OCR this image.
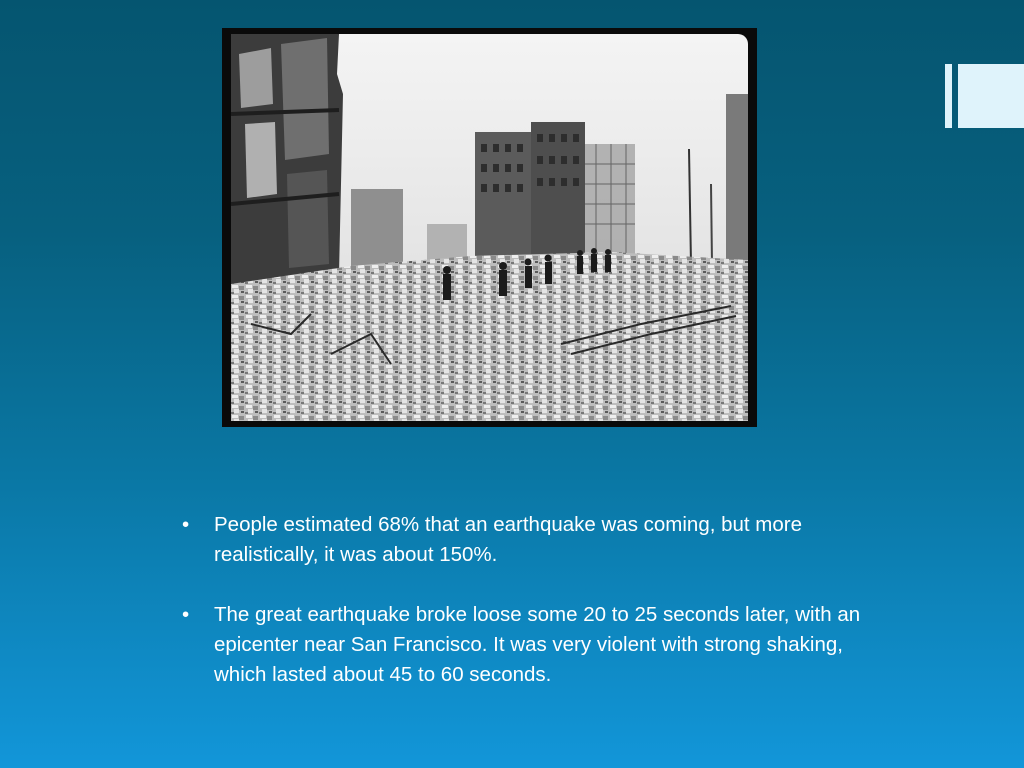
• People estimated 68% that an earthquake was coming, but more realistically, it was about 150%.
• The great earthquake broke loose some 20 to 25 seconds later, with an epicenter near San Francisco. It was very violent with strong shaking, which lasted about 45 to 60 seconds.
